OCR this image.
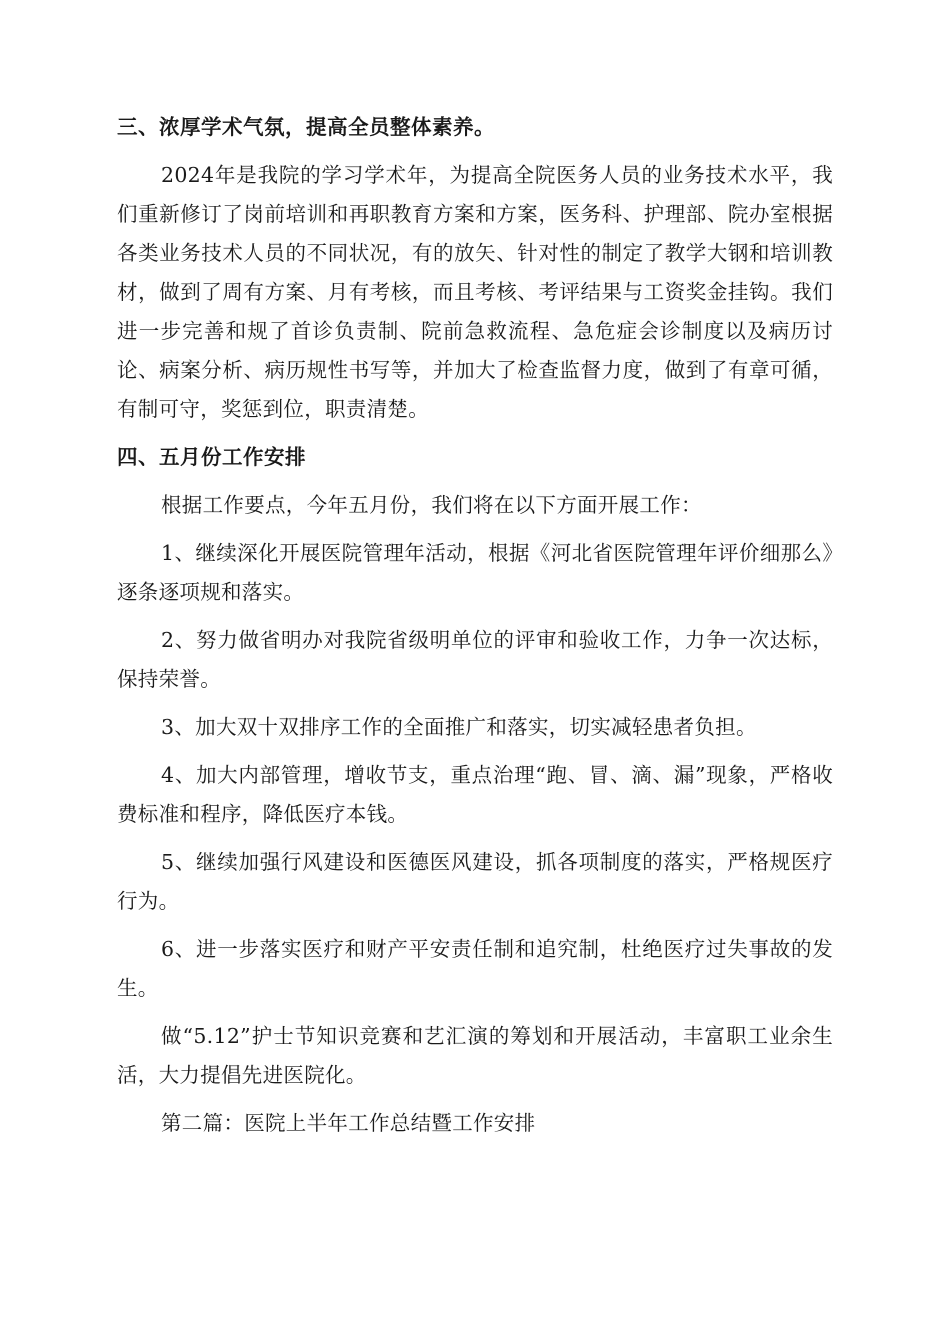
三、浓厚学术气氛，提高全员整体素养。

2024年是我院的学习学术年，为提高全院医务人员的业务技术水平，我们重新修订了岗前培训和再职教育方案和方案，医务科、护理部、院办室根据各类业务技术人员的不同状况，有的放矢、针对性的制定了教学大钢和培训教材，做到了周有方案、月有考核，而且考核、考评结果与工资奖金挂钩。我们进一步完善和规了首诊负责制、院前急救流程、急危症会诊制度以及病历讨论、病案分析、病历规性书写等，并加大了检查监督力度，做到了有章可循，有制可守，奖惩到位，职责清楚。

四、五月份工作安排

根据工作要点，今年五月份，我们将在以下方面开展工作：

1、继续深化开展医院管理年活动，根据《河北省医院管理年评价细那么》逐条逐项规和落实。

2、努力做省明办对我院省级明单位的评审和验收工作，力争一次达标，保持荣誉。

3、加大双十双排序工作的全面推广和落实，切实减轻患者负担。

4、加大内部管理，增收节支，重点治理“跑、冒、滴、漏”现象，严格收费标准和程序，降低医疗本钱。

5、继续加强行风建设和医德医风建设，抓各项制度的落实，严格规医疗行为。

6、进一步落实医疗和财产平安责任制和追究制，杜绝医疗过失事故的发生。

做“5.12”护士节知识竞赛和艺汇演的筹划和开展活动，丰富职工业余生活，大力提倡先进医院化。

第二篇：医院上半年工作总结暨工作安排
